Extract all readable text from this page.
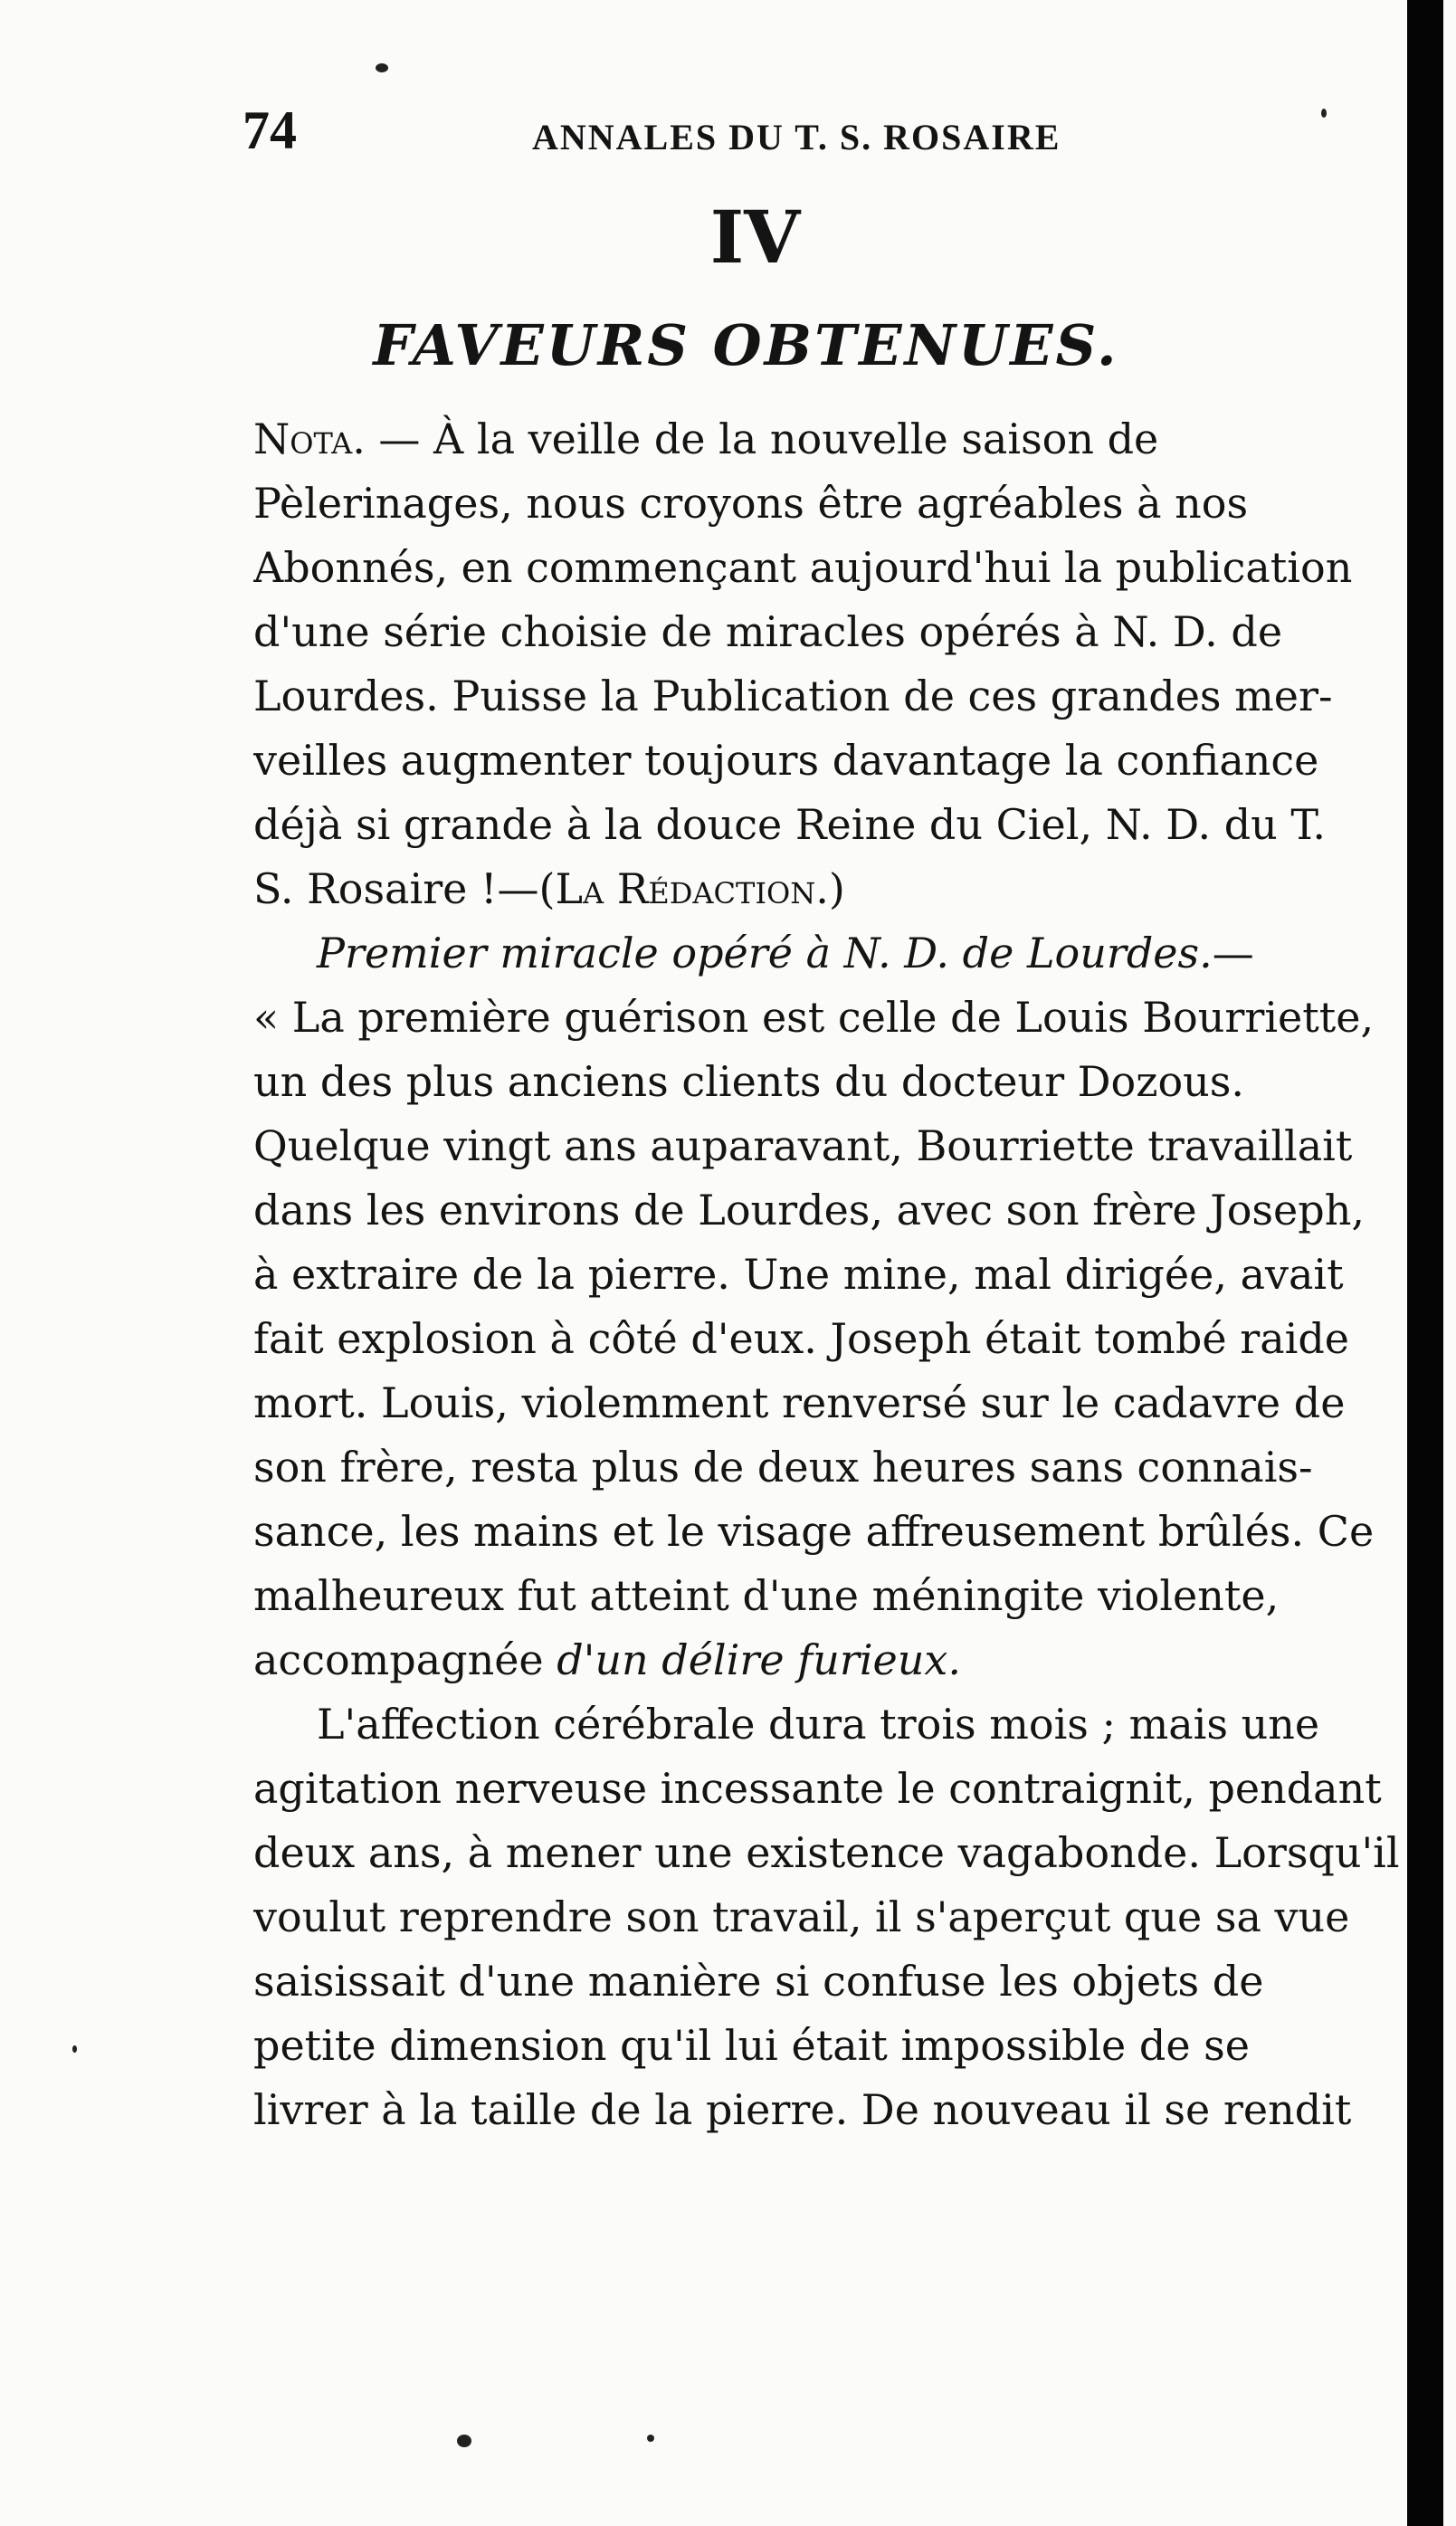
74	ANNALES DU T. S. ROSAIRE
IV
FAVEURS OBTENUES.
Nota. — À la veille de la nouvelle saison de
Pèlerinages, nous croyons être agréables à nos
Abonnés, en commençant aujourd'hui la publication
d'une série choisie de miracles opérés à N. D. de
Lourdes. Puisse la Publication de ces grandes mer-
veilles augmenter toujours davantage la confiance
déjà si grande à la douce Reine du Ciel, N. D. du T.
S. Rosaire !—(La Rédaction.)
Premier miracle opéré à N. D. de Lourdes.—
« La première guérison est celle de Louis Bourriette,
un des plus anciens clients du docteur Dozous.
Quelque vingt ans auparavant, Bourriette travaillait
dans les environs de Lourdes, avec son frère Joseph,
à extraire de la pierre. Une mine, mal dirigée, avait
fait explosion à côté d'eux. Joseph était tombé raide
mort. Louis, violemment renversé sur le cadavre de
son frère, resta plus de deux heures sans connais-
sance, les mains et le visage affreusement brûlés. Ce
malheureux fut atteint d'une méningite violente,
accompagnée d'un délire furieux.
L'affection cérébrale dura trois mois ; mais une
agitation nerveuse incessante le contraignit, pendant
deux ans, à mener une existence vagabonde. Lorsqu'il
voulut reprendre son travail, il s'aperçut que sa vue
saisissait d'une manière si confuse les objets de
petite dimension qu'il lui était impossible de se
livrer à la taille de la pierre. De nouveau il se rendit
